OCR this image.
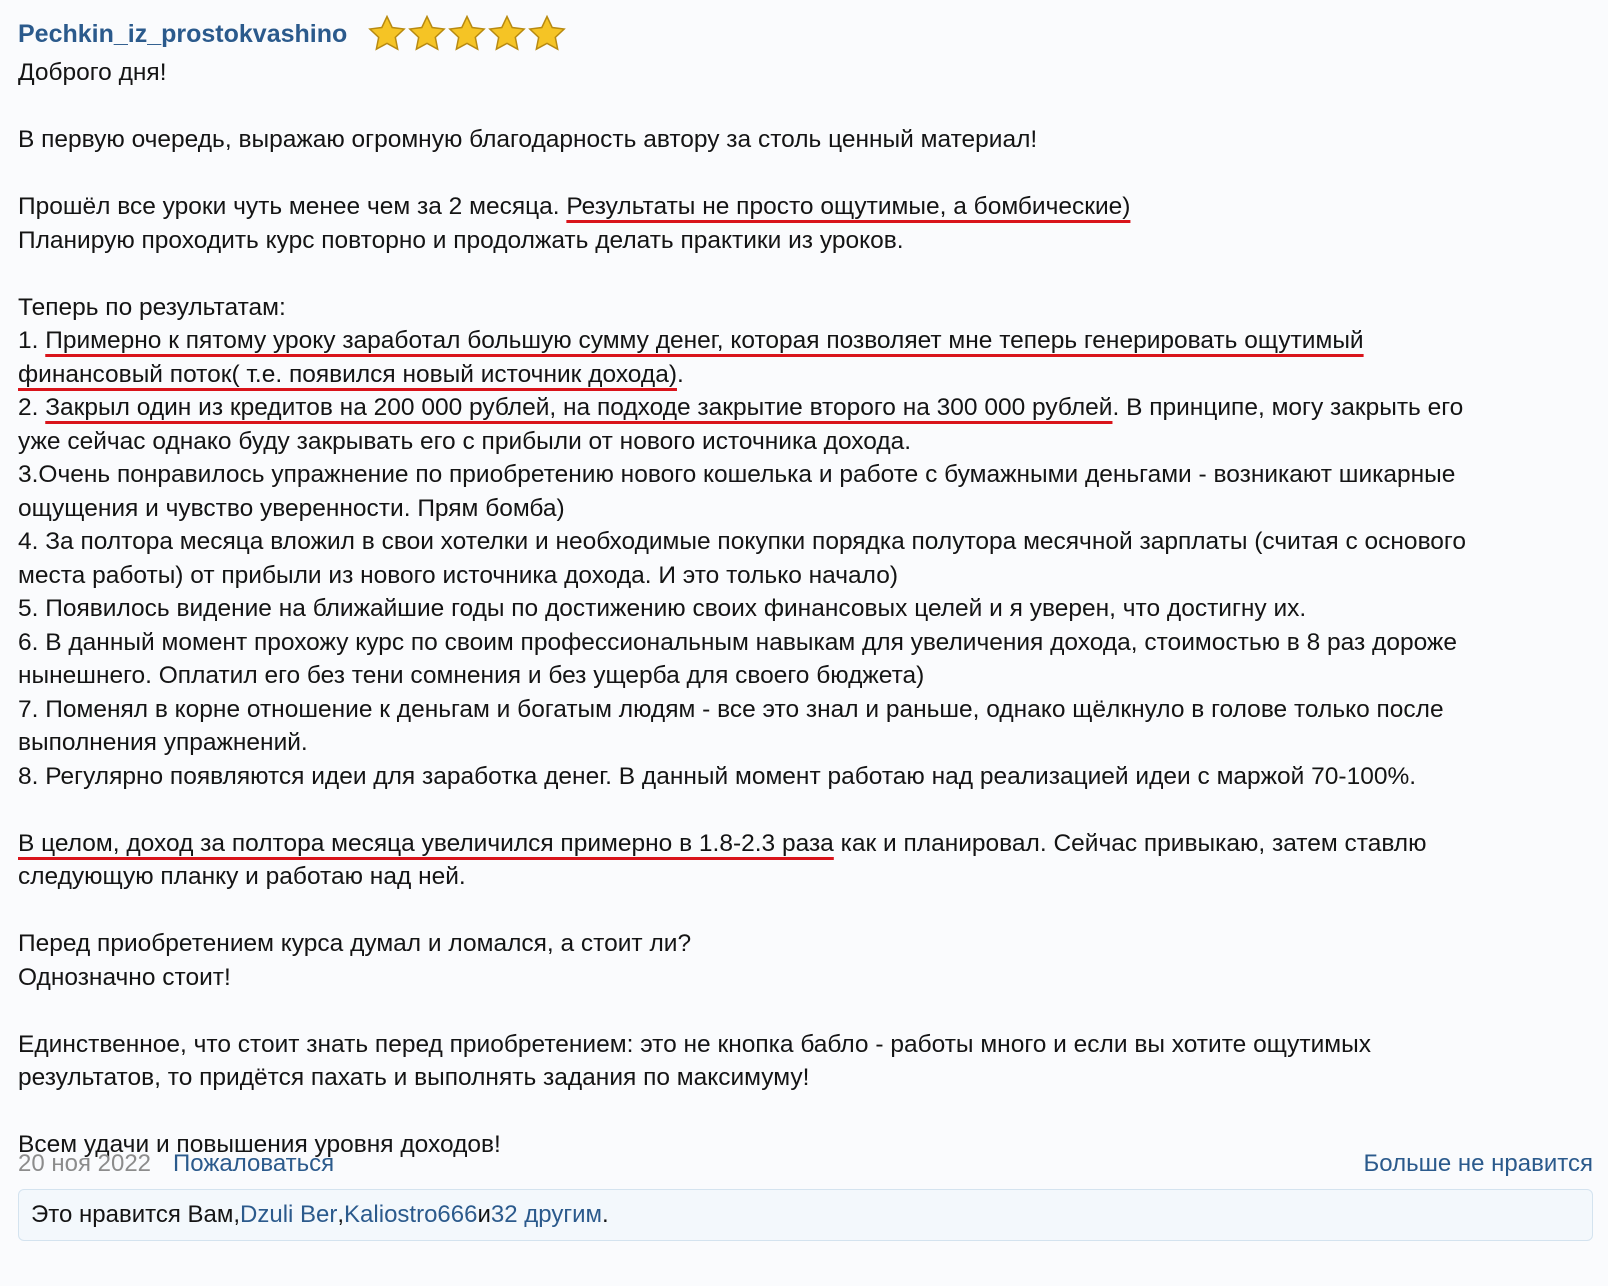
Pechkin_iz_prostokvashino

Доброго дня!

В первую очередь, выражаю огромную благодарность автору за столь ценный материал!

Прошёл все уроки чуть менее чем за 2 месяца. Результаты не просто ощутимые, а бомбические)

Планирую проходить курс повторно и продолжать делать практики из уроков.

Теперь по результатам:

1. Примерно к пятому уроку заработал большую сумму денег, которая позволяет мне теперь генерировать ощутимый

финансовый поток( т.е. появился новый источник дохода).

2. Закрыл один из кредитов на 200 000 рублей, на подходе закрытие второго на 300 000 рублей. В принципе, могу закрыть его

уже сейчас однако буду закрывать его с прибыли от нового источника дохода.

3.Очень понравилось упражнение по приобретению нового кошелька и работе с бумажными деньгами - возникают шикарные

ощущения и чувство уверенности. Прям бомба)

4. За полтора месяца вложил в свои хотелки и необходимые покупки порядка полутора месячной зарплаты (считая с основого

места работы) от прибыли из нового источника дохода. И это только начало)

5. Появилось видение на ближайшие годы по достижению своих финансовых целей и я уверен, что достигну их.

6. В данный момент прохожу курс по своим профессиональным навыкам для увеличения дохода, стоимостью в 8 раз дороже

нынешнего. Оплатил его без тени сомнения и без ущерба для своего бюджета)

7. Поменял в корне отношение к деньгам и богатым людям - все это знал и раньше, однако щёлкнуло в голове только после

выполнения упражнений.

8. Регулярно появляются идеи для заработка денег. В данный момент работаю над реализацией идеи с маржой 70-100%.

В целом, доход за полтора месяца увеличился примерно в 1.8-2.3 раза как и планировал. Сейчас привыкаю, затем ставлю

следующую планку и работаю над ней.

Перед приобретением курса думал и ломался, а стоит ли?

Однозначно стоит!

Единственное, что стоит знать перед приобретением: это не кнопка бабло - работы много и если вы хотите ощутимых

результатов, то придётся пахать и выполнять задания по максимуму!

Всем удачи и повышения уровня доходов!

20 ноя 2022 Пожаловаться	Больше не нравится
Это нравится Вам, Dzuli Ber , Kaliostro666 и 32 другим .
